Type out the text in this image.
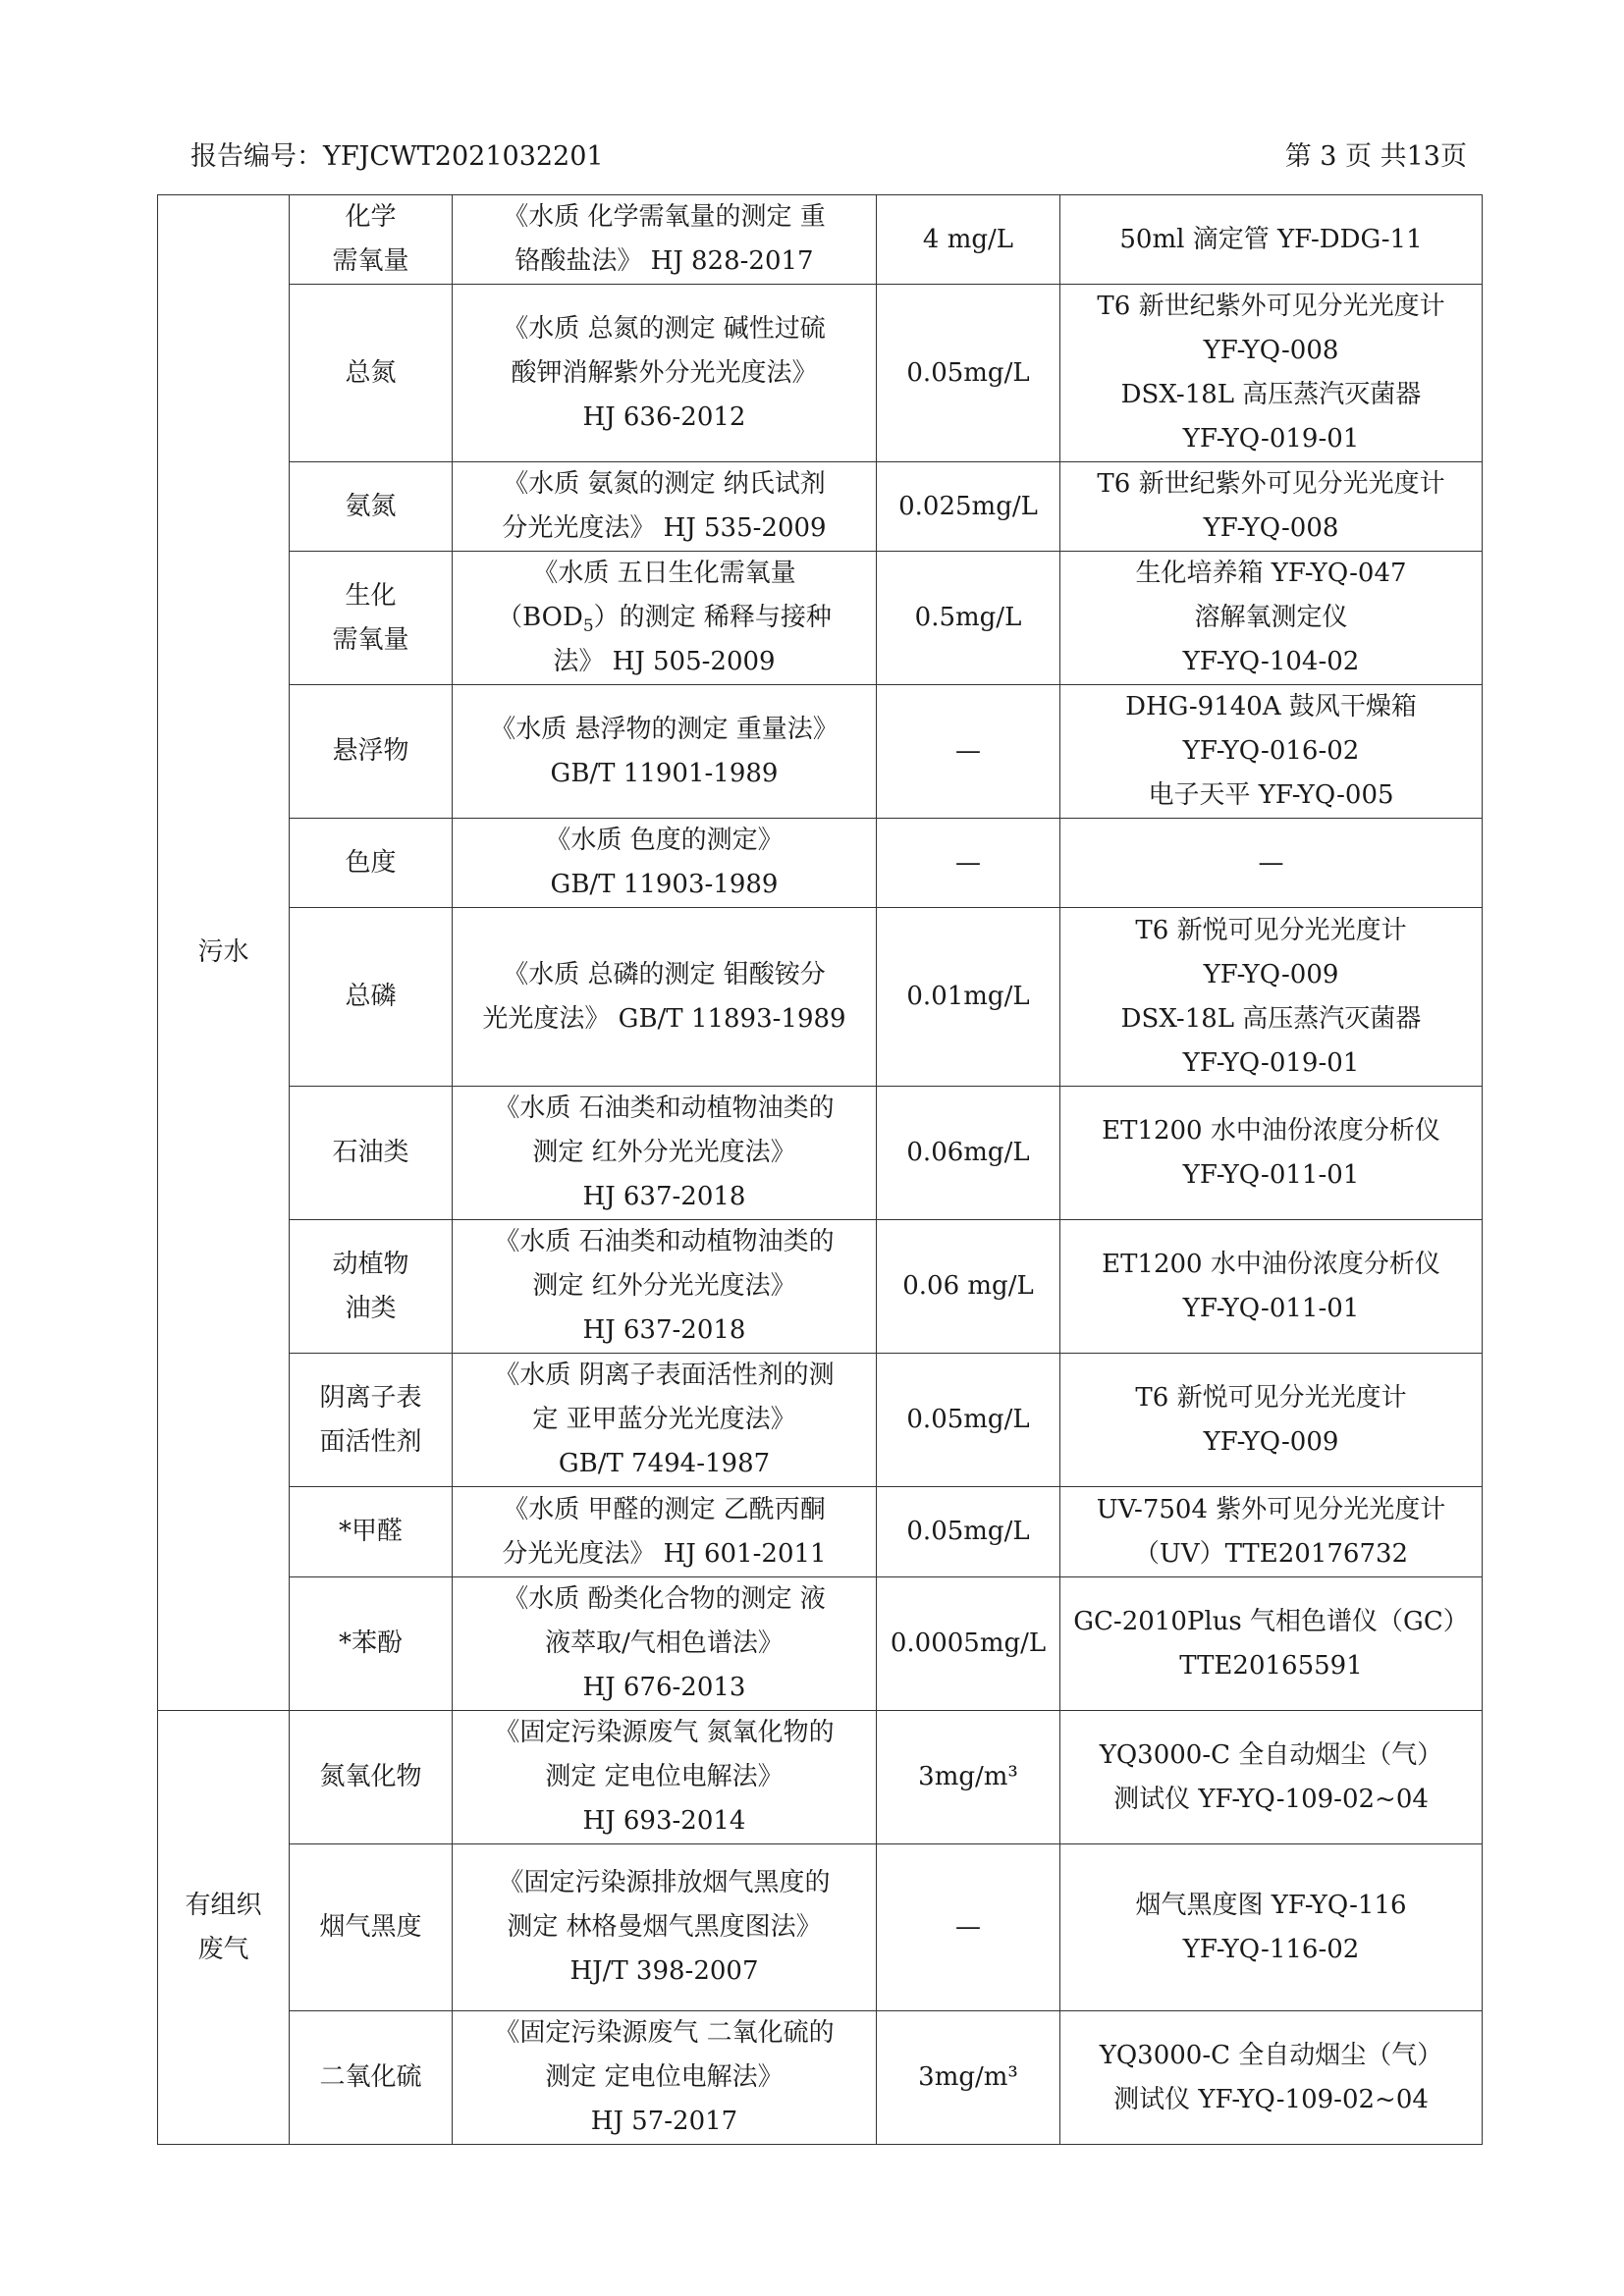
报告编号：YFJCWT2021032201	第 3 页 共13页
污水	化学
需氧量	《水质 化学需氧量的测定 重
铬酸盐法》 HJ 828-2017	4 mg/L	50ml 滴定管 YF-DDG-11
	总氮	《水质 总氮的测定 碱性过硫
酸钾消解紫外分光光度法》
HJ 636-2012	0.05mg/L	T6 新世纪紫外可见分光光度计
YF-YQ-008
DSX-18L 高压蒸汽灭菌器
YF-YQ-019-01
	氨氮	《水质 氨氮的测定 纳氏试剂
分光光度法》 HJ 535-2009	0.025mg/L	T6 新世纪紫外可见分光光度计
YF-YQ-008
	生化
需氧量	《水质 五日生化需氧量
$(BOD_5)$的测定 稀释与接种
法》 HJ 505-2009	0.5mg/L	生化培养箱 YF-YQ-047
溶解氧测定仪
YF-YQ-104-02
	悬浮物	《水质 悬浮物的测定 重量法》
GB/T 11901-1989	—	DHG-9140A 鼓风干燥箱
YF-YQ-016-02
电子天平 YF-YQ-005
	色度	《水质 色度的测定》
GB/T 11903-1989	—	—
	总磷	《水质 总磷的测定 钼酸铵分
光光度法》 GB/T 11893-1989	0.01mg/L	T6 新悦可见分光光度计
YF-YQ-009
DSX-18L 高压蒸汽灭菌器
YF-YQ-019-01
	石油类	《水质 石油类和动植物油类的
测定 红外分光光度法》
HJ 637-2018	0.06mg/L	ET1200 水中油份浓度分析仪
YF-YQ-011-01
	动植物
油类	《水质 石油类和动植物油类的
测定 红外分光光度法》
HJ 637-2018	0.06 mg/L	ET1200 水中油份浓度分析仪
YF-YQ-011-01
	阴离子表
面活性剂	《水质 阴离子表面活性剂的测
定 亚甲蓝分光光度法》
GB/T 7494-1987	0.05mg/L	T6 新悦可见分光光度计
YF-YQ-009
	*甲醛	《水质 甲醛的测定 乙酰丙酮
分光光度法》 HJ 601-2011	0.05mg/L	UV-7504 紫外可见分光光度计
（UV）TTE20176732
	*苯酚	《水质 酚类化合物的测定 液
液萃取/气相色谱法》
HJ 676-2013	0.0005mg/L	GC-2010Plus 气相色谱仪（GC）
TTE20165591
有组织
废气	氮氧化物	《固定污染源废气 氮氧化物的
测定 定电位电解法》
HJ 693-2014	3mg/m³	YQ3000-C 全自动烟尘（气）
测试仪 YF-YQ-109-02~04
	烟气黑度	《固定污染源排放烟气黑度的
测定 林格曼烟气黑度图法》
HJ/T 398-2007	—	烟气黑度图 YF-YQ-116
YF-YQ-116-02
	二氧化硫	《固定污染源废气 二氧化硫的
测定 定电位电解法》
HJ 57-2017	3mg/m³	YQ3000-C 全自动烟尘（气）
测试仪 YF-YQ-109-02~04
